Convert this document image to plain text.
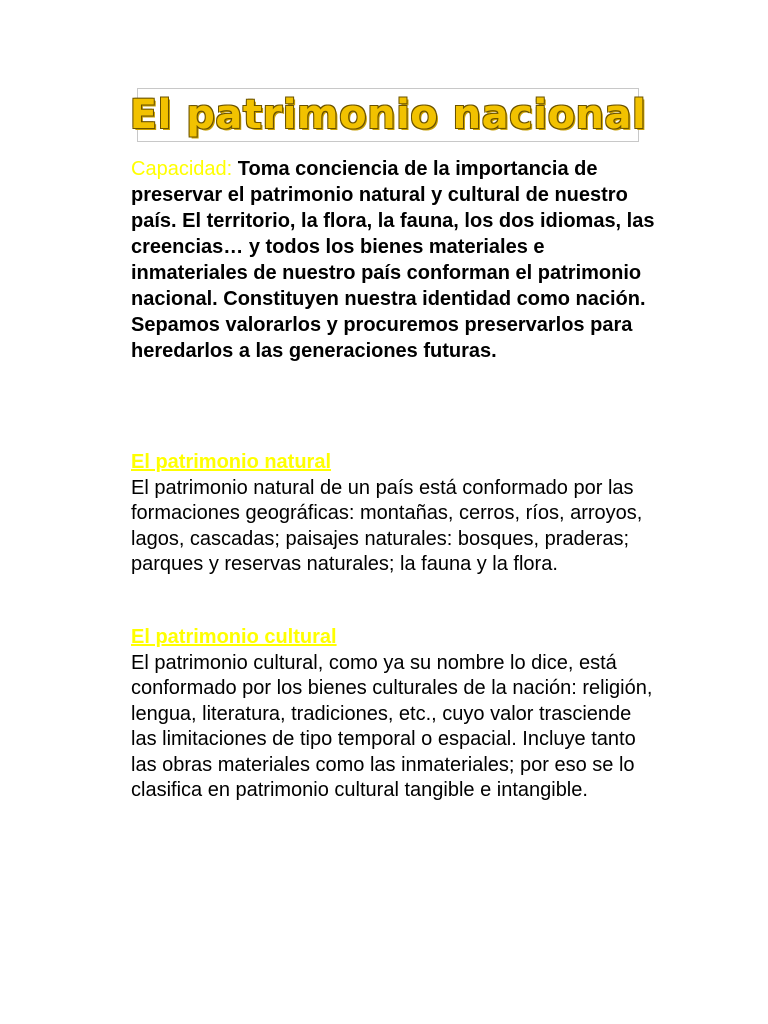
El patrimonio nacional
Capacidad: Toma conciencia de la importancia de preservar el patrimonio natural y cultural de nuestro país. El territorio, la flora, la fauna, los dos idiomas, las creencias… y todos los bienes materiales e inmateriales de nuestro país conforman el patrimonio nacional. Constituyen nuestra identidad como nación. Sepamos valorarlos y procuremos preservarlos para heredarlos a las generaciones futuras.
El patrimonio natural
El patrimonio natural de un país está conformado por las formaciones geográficas: montañas, cerros, ríos, arroyos, lagos, cascadas; paisajes naturales: bosques, praderas; parques y reservas naturales; la fauna y la flora.
El patrimonio cultural
El patrimonio cultural, como ya su nombre lo dice, está conformado por los bienes culturales de la nación: religión, lengua, literatura, tradiciones, etc., cuyo valor trasciende las limitaciones de tipo temporal o espacial. Incluye tanto las obras materiales como las inmateriales; por eso se lo clasifica en patrimonio cultural tangible e intangible.
